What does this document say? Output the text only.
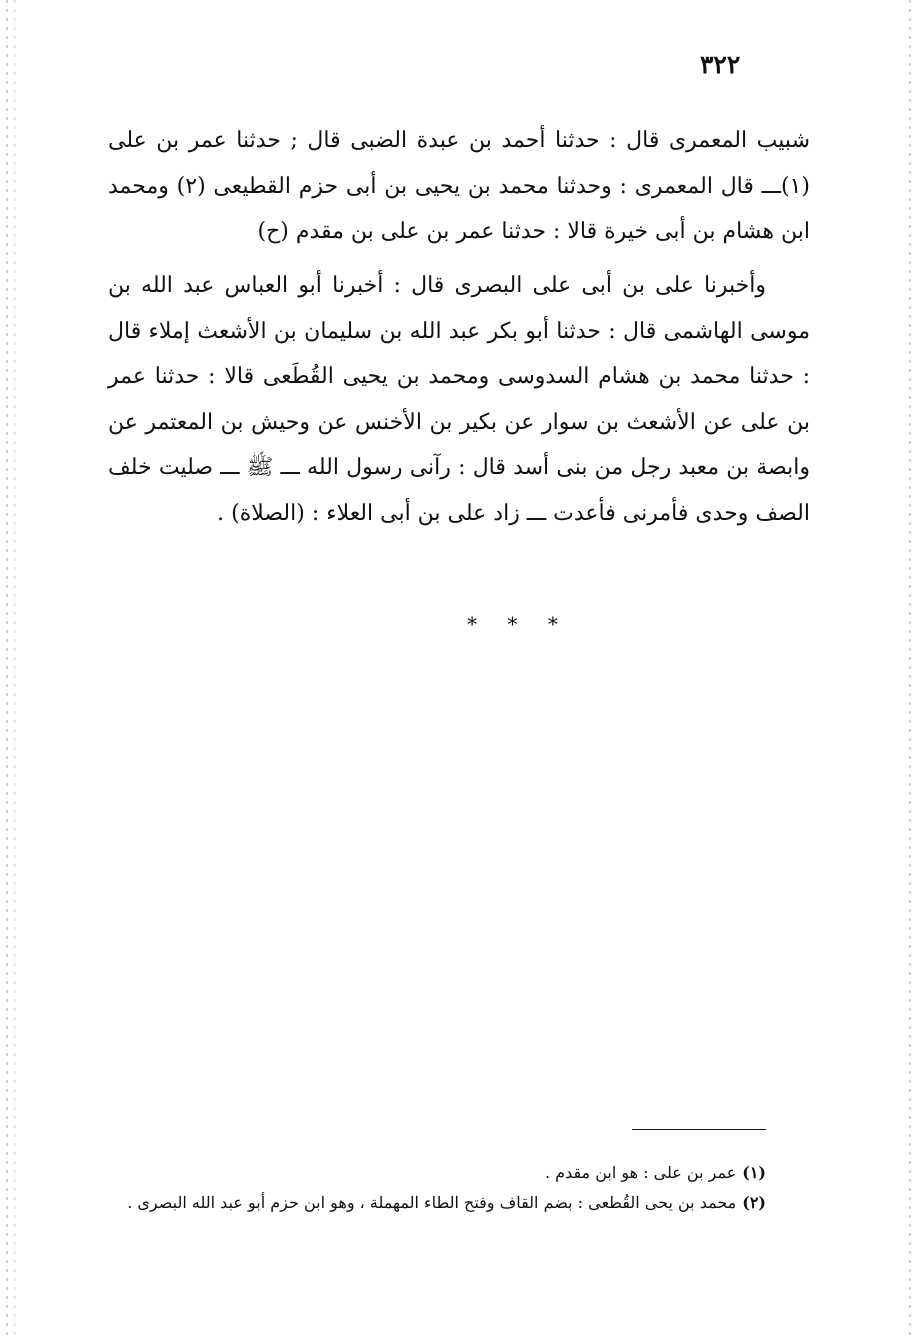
٣٢٢

شبيب المعمرى قال : حدثنا أحمد بن عبدة الضبى قال ; حدثنا عمر بن على (١)ـــ قال المعمرى : وحدثنا محمد بن يحيى بن أبى حزم القطيعى (٢) ومحمد ابن هشام بن أبى خيرة قالا : حدثنا عمر بن على بن مقدم (ح)

وأخبرنا على بن أبى على البصرى قال : أخبرنا أبو العباس عبد الله بن موسى الهاشمى قال : حدثنا أبو بكر عبد الله بن سليمان بن الأشعث إملاء قال : حدثنا محمد بن هشام السدوسى ومحمد بن يحيى القُطَعى قالا : حدثنا عمر بن على عن الأشعث بن سوار عن بكير بن الأخنس عن وحيش بن المعتمر عن وابصة بن معبد رجل من بنى أسد قال : رآنى رسول الله ـــ ﷺ ـــ صليت خلف الصف وحدى فأمرنى فأعدت ـــ زاد على بن أبى العلاء : (الصلاة) .

* * *
(١)عمر بن على : هو ابن مقدم .
(٢)محمد بن يحى القُطعى : بضم القاف وفتح الطاء المهملة ، وهو ابن حزم أبو عبد الله البصرى .
